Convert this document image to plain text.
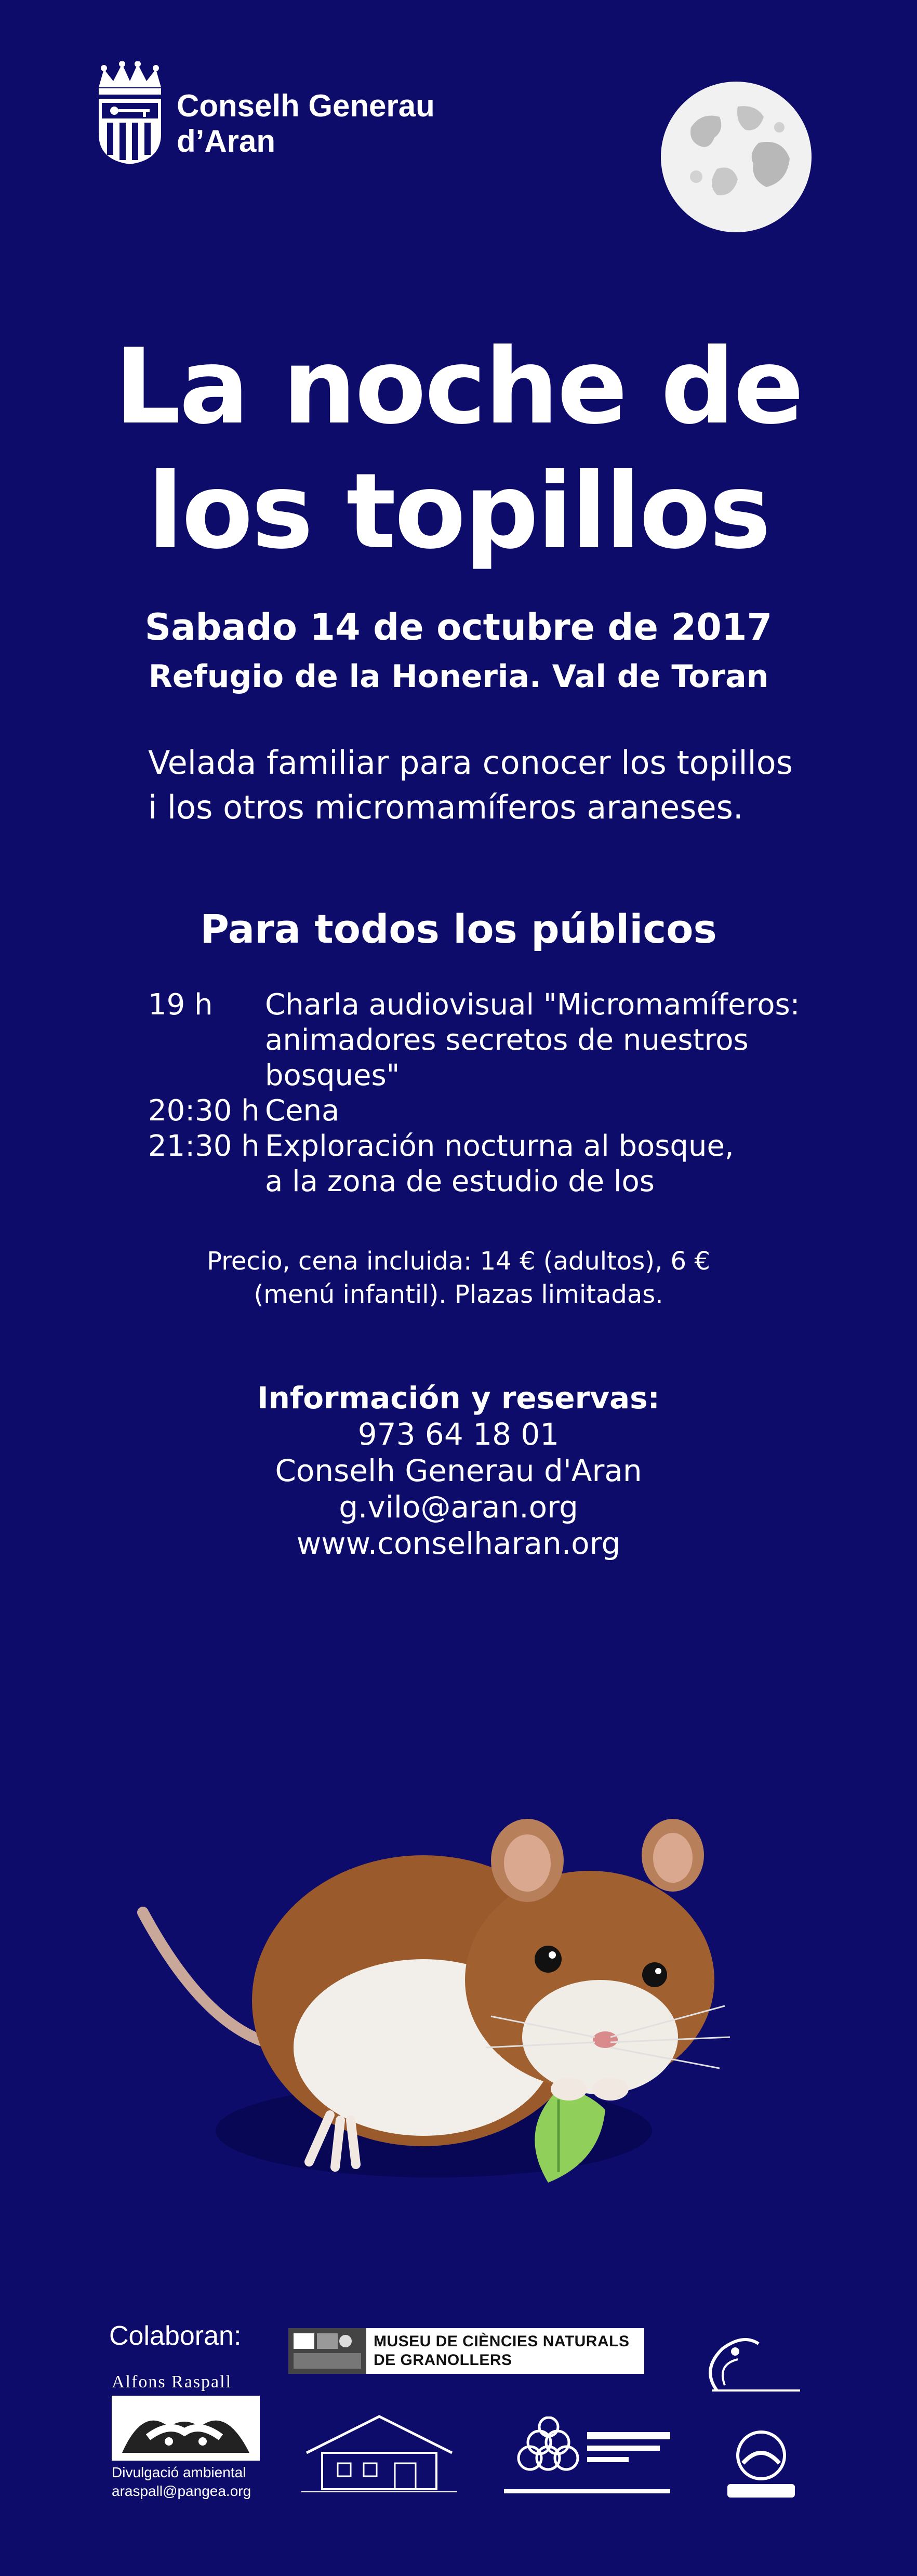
Conselh Generau
d’Aran
La noche de
los topillos
Sabado 14 de octubre de 2017
Refugio de la Honeria. Val de Toran
Velada familiar para conocer los topillos
i los otros micromamíferos araneses.
Para todos los públicos
19 h	Charla audiovisual "Micromamíferos:
animadores secretos de nuestros
bosques"
20:30 h Cena
21:30 h Exploración nocturna al bosque,
a la zona de estudio de los
Precio, cena incluida: 14 € (adultos), 6 €
(menú infantil). Plazas limitadas.
Información y reservas:
973 64 18 01
Conselh Generau d'Aran
g.vilo@aran.org
www.conselharan.org
Colaboran:	MUSEU DE CIÈNCIES NATURALS
DE GRANOLLERS
Alfons Raspall
Divulgació ambiental
araspall@pangea.org
